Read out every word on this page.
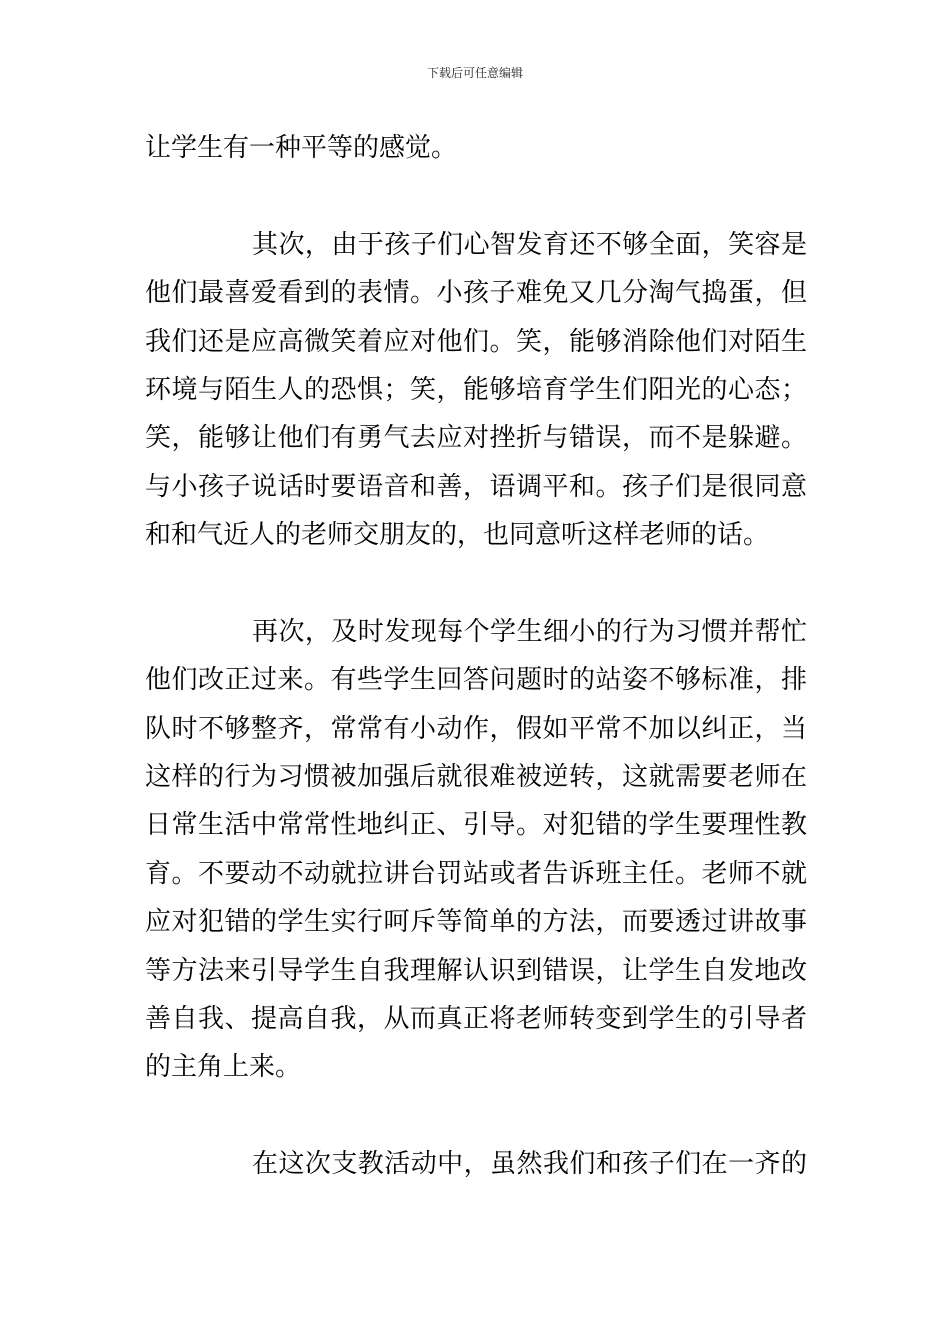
下载后可任意编辑
让学生有一种平等的感觉。
其次，由于孩子们心智发育还不够全面，笑容是
他们最喜爱看到的表情。小孩子难免又几分淘气捣蛋，但
我们还是应高微笑着应对他们。笑，能够消除他们对陌生
环境与陌生人的恐惧；笑，能够培育学生们阳光的心态；
笑，能够让他们有勇气去应对挫折与错误，而不是躲避。
与小孩子说话时要语音和善，语调平和。孩子们是很同意
和和气近人的老师交朋友的，也同意听这样老师的话。
再次，及时发现每个学生细小的行为习惯并帮忙
他们改正过来。有些学生回答问题时的站姿不够标准，排
队时不够整齐，常常有小动作，假如平常不加以纠正，当
这样的行为习惯被加强后就很难被逆转，这就需要老师在
日常生活中常常性地纠正、引导。对犯错的学生要理性教
育。不要动不动就拉讲台罚站或者告诉班主任。老师不就
应对犯错的学生实行呵斥等简单的方法，而要透过讲故事
等方法来引导学生自我理解认识到错误，让学生自发地改
善自我、提高自我，从而真正将老师转变到学生的引导者
的主角上来。
在这次支教活动中，虽然我们和孩子们在一齐的
